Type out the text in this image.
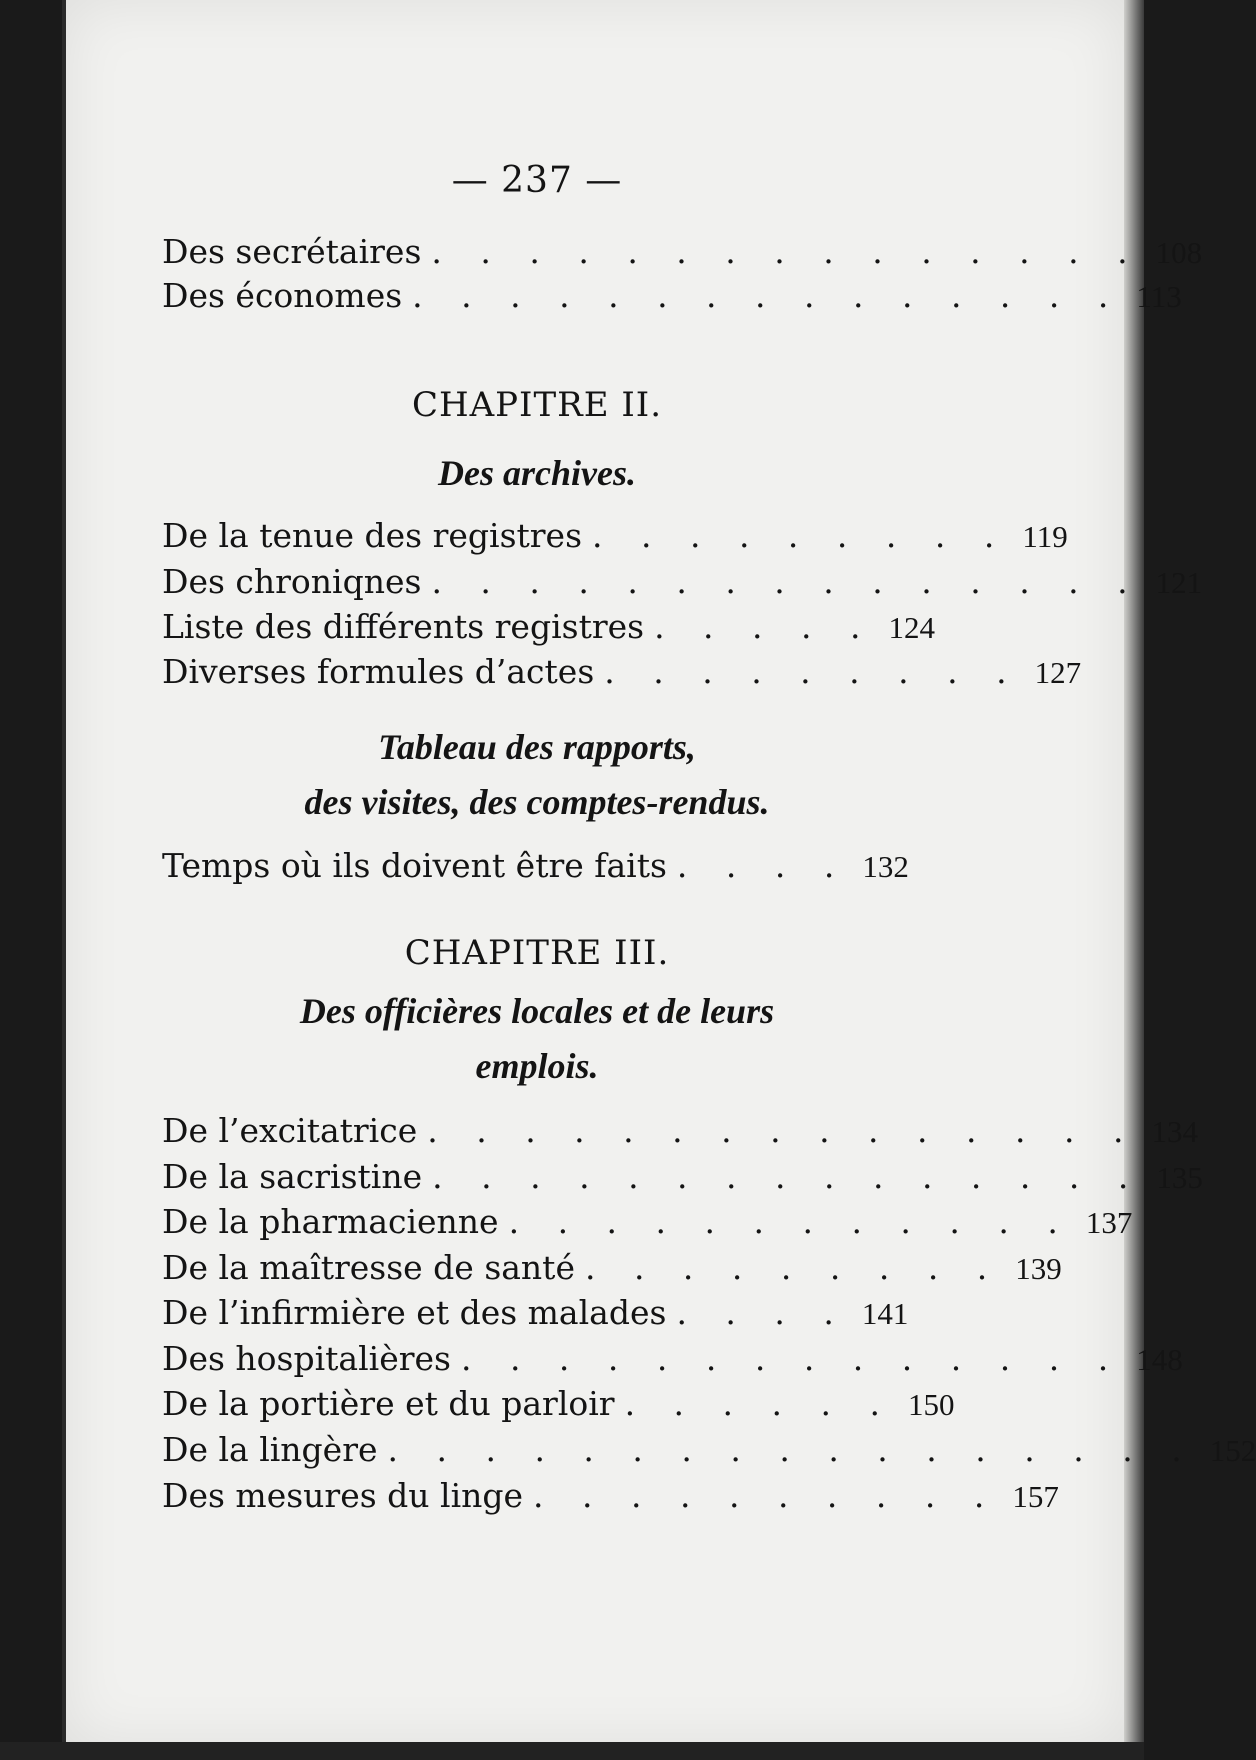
— 237 —
Des secrétaires . . . . . . . . . . . . . . . 108
Des économes . . . . . . . . . . . . . . . 113
CHAPITRE II.
Des archives.
De la tenue des registres . . . . . . . . . 119
Des chroniqnes . . . . . . . . . . . . . . . 121
Liste des différents registres . . . . . 124
Diverses formules d’actes . . . . . . . . . 127
Tableau des rapports,
des visites, des comptes-rendus.
Temps où ils doivent être faits . . . . 132
CHAPITRE III.
Des officières locales et de leurs
emplois.
De l’excitatrice . . . . . . . . . . . . . . . 134
De la sacristine . . . . . . . . . . . . . . . 135
De la pharmacienne . . . . . . . . . . . . 137
De la maîtresse de santé . . . . . . . . . 139
De l’infirmière et des malades . . . . 141
Des hospitalières . . . . . . . . . . . . . . 148
De la portière et du parloir . . . . . . 150
De la lingère . . . . . . . . . . . . . . . . . 152
Des mesures du linge . . . . . . . . . . 157
